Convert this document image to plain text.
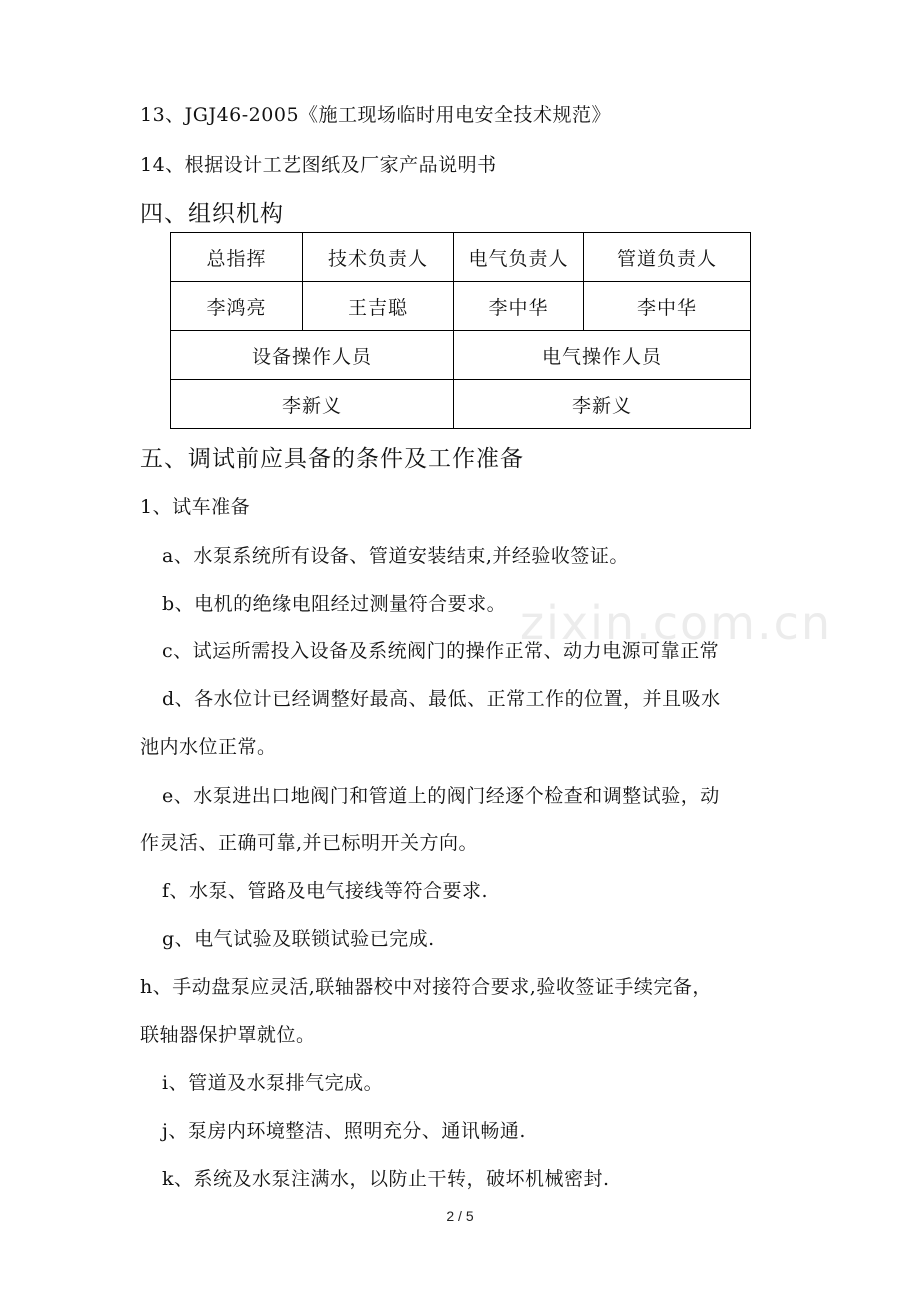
zixin.com.cn
13、JGJ46-2005《施工现场临时用电安全技术规范》
14、根据设计工艺图纸及厂家产品说明书
四、组织机构
总指挥	技术负责人	电气负责人	管道负责人
李鸿亮	王吉聪	李中华	李中华
设备操作人员		电气操作人员	
李新义		李新义	
五、调试前应具备的条件及工作准备
1、试车准备
a、水泵系统所有设备、管道安装结束,并经验收签证。
b、电机的绝缘电阻经过测量符合要求。
c、试运所需投入设备及系统阀门的操作正常、动力电源可靠正常
d、各水位计已经调整好最高、最低、正常工作的位置，并且吸水
池内水位正常。
e、水泵进出口地阀门和管道上的阀门经逐个检查和调整试验，动
作灵活、正确可靠,并已标明开关方向。
f、水泵、管路及电气接线等符合要求.
g、电气试验及联锁试验已完成.
h、手动盘泵应灵活,联轴器校中对接符合要求,验收签证手续完备，
联轴器保护罩就位。
i、管道及水泵排气完成。
j、泵房内环境整洁、照明充分、通讯畅通.
k、系统及水泵注满水，以防止干转，破坏机械密封.
2 / 5
